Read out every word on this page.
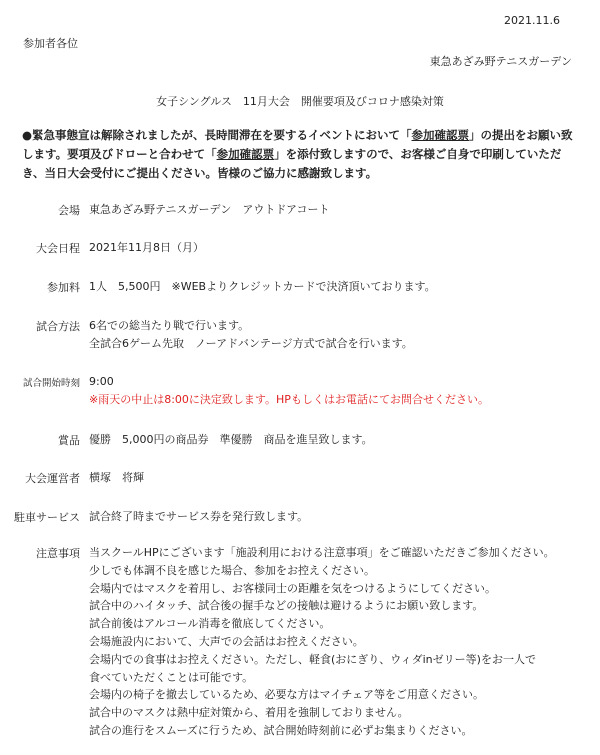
2021.11.6
参加者各位
東急あざみ野テニスガーデン
女子シングルス　11月大会　開催要項及びコロナ感染対策
●緊急事態宣は解除されましたが、長時間滞在を要するイベントにおいて「参加確認票」の提出をお願い致します。要項及びドローと合わせて「参加確認票」を添付致しますので、お客様ご自身で印刷していただき、当日大会受付にご提出ください。皆様のご協力に感謝致します。
会場 東急あざみ野テニスガーデン　アウトドアコート
大会日程 2021年11月8日（月）
参加料 1人　5,500円　※WEBよりクレジットカードで決済頂いております。
試合方法 6名での総当たり戦で行います。
全試合6ゲーム先取　ノーアドバンテージ方式で試合を行います。
試合開始時刻 9:00
※雨天の中止は8:00に決定致します。HPもしくはお電話にてお問合せください。
賞品 優勝　5,000円の商品券　準優勝　商品を進呈致します。
大会運営者 横塚　将輝
駐車サービス 試合終了時までサービス券を発行致します。
注意事項 当スクールHPにございます「施設利用における注意事項」をご確認いただきご参加ください。
少しでも体調不良を感じた場合、参加をお控えください。
会場内ではマスクを着用し、お客様同士の距離を気をつけるようにしてください。
試合中のハイタッチ、試合後の握手などの接触は避けるようにお願い致します。
試合前後はアルコール消毒を徹底してください。
会場施設内において、大声での会話はお控えください。
会場内での食事はお控えください。ただし、軽食(おにぎり、ウィダinゼリー等)をお一人で
食べていただくことは可能です。
会場内の椅子を撤去しているため、必要な方はマイチェア等をご用意ください。
試合中のマスクは熱中症対策から、着用を強制しておりません。
試合の進行をスムーズに行うため、試合開始時刻前に必ずお集まりください。
